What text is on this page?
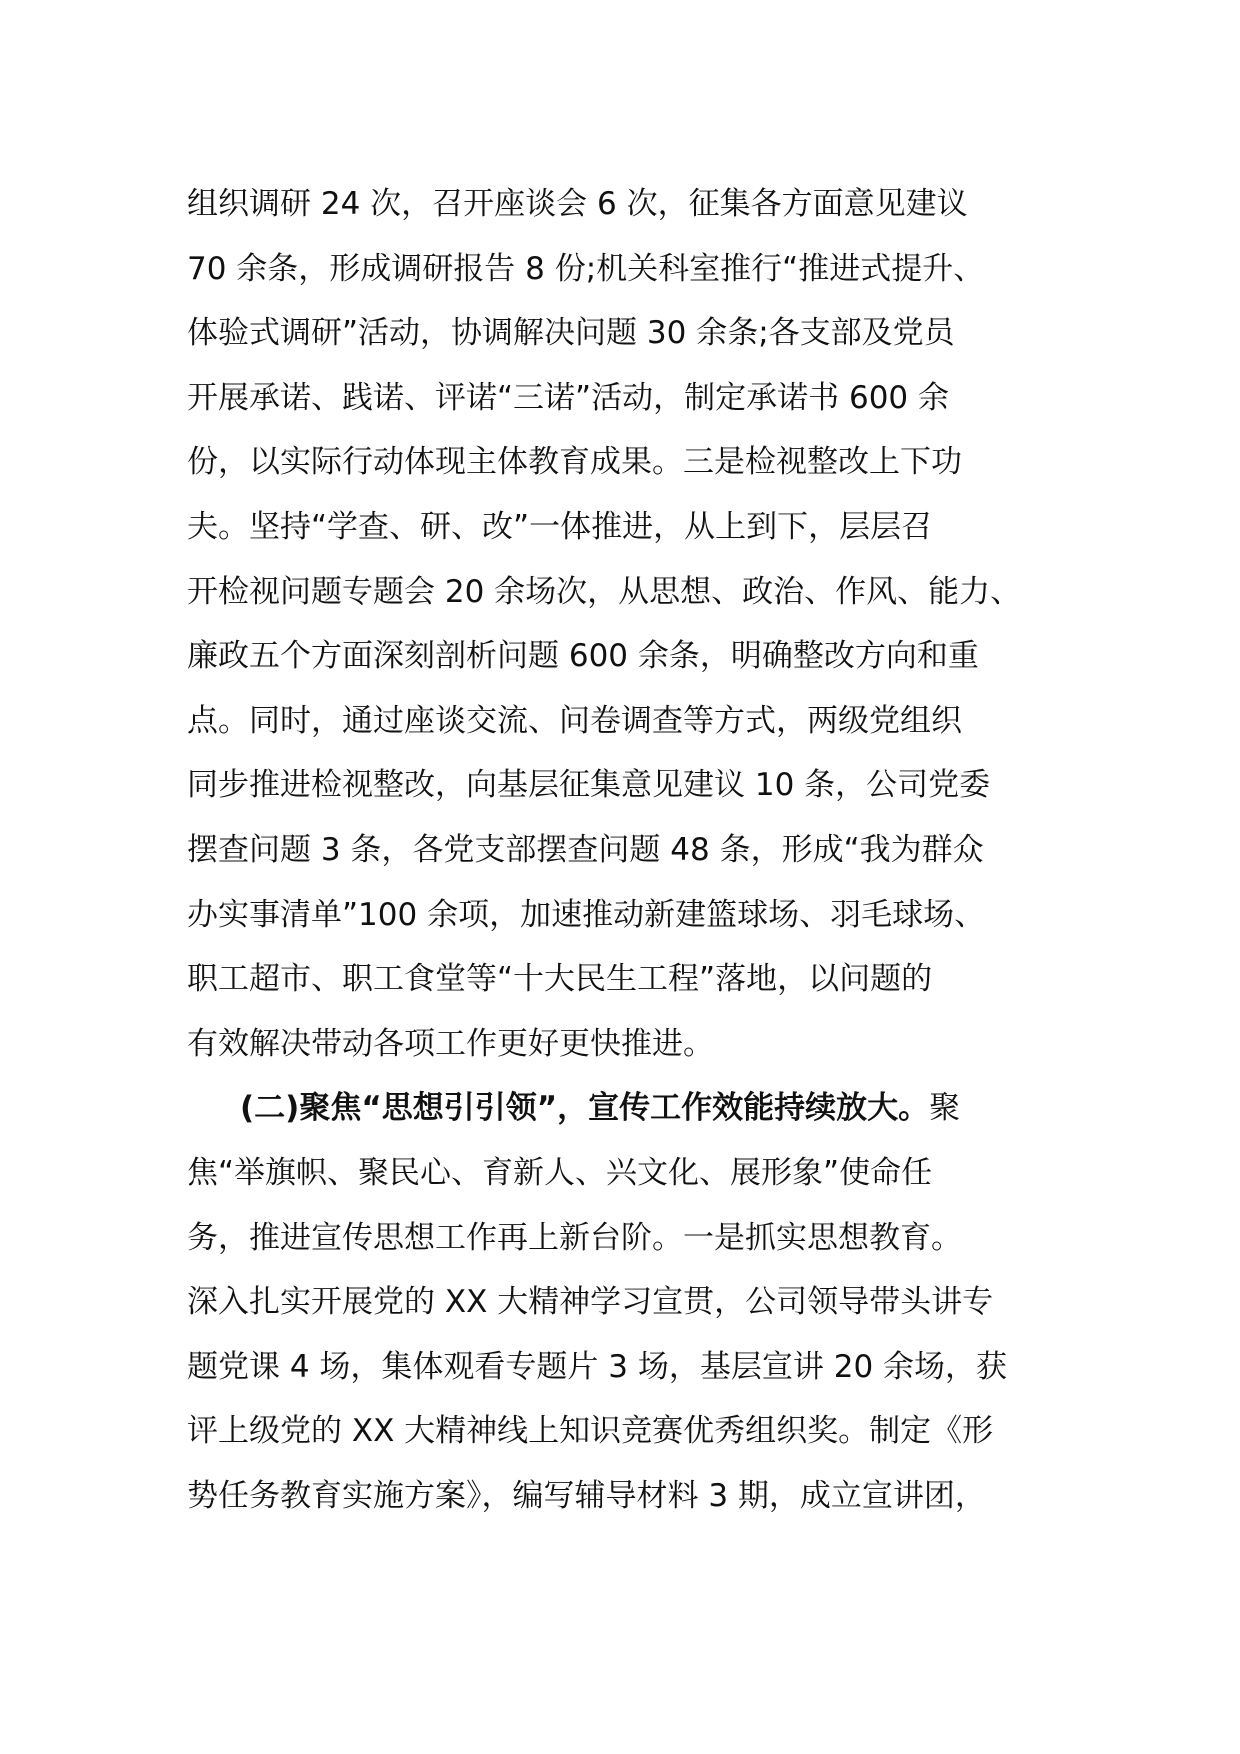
组织调研 24 次，召开座谈会 6 次，征集各方面意见建议
70 余条，形成调研报告 8 份;机关科室推行“推进式提升、
体验式调研”活动，协调解决问题 30 余条;各支部及党员
开展承诺、践诺、评诺“三诺”活动，制定承诺书 600 余
份，以实际行动体现主体教育成果。三是检视整改上下功
夫。坚持“学查、研、改”一体推进，从上到下，层层召
开检视问题专题会 20 余场次，从思想、政治、作风、能力、
廉政五个方面深刻剖析问题 600 余条，明确整改方向和重
点。同时，通过座谈交流、问卷调查等方式，两级党组织
同步推进检视整改，向基层征集意见建议 10 条，公司党委
摆查问题 3 条，各党支部摆查问题 48 条，形成“我为群众
办实事清单”100 余项，加速推动新建篮球场、羽毛球场、
职工超市、职工食堂等“十大民生工程”落地，以问题的
有效解决带动各项工作更好更快推进。
(二)聚焦“思想引引领”，宣传工作效能持续放大。聚
焦“举旗帜、聚民心、育新人、兴文化、展形象”使命任
务，推进宣传思想工作再上新台阶。一是抓实思想教育。
深入扎实开展党的 XX 大精神学习宣贯，公司领导带头讲专
题党课 4 场，集体观看专题片 3 场，基层宣讲 20 余场，获
评上级党的 XX 大精神线上知识竞赛优秀组织奖。制定《形
势任务教育实施方案》，编写辅导材料 3 期，成立宣讲团，
